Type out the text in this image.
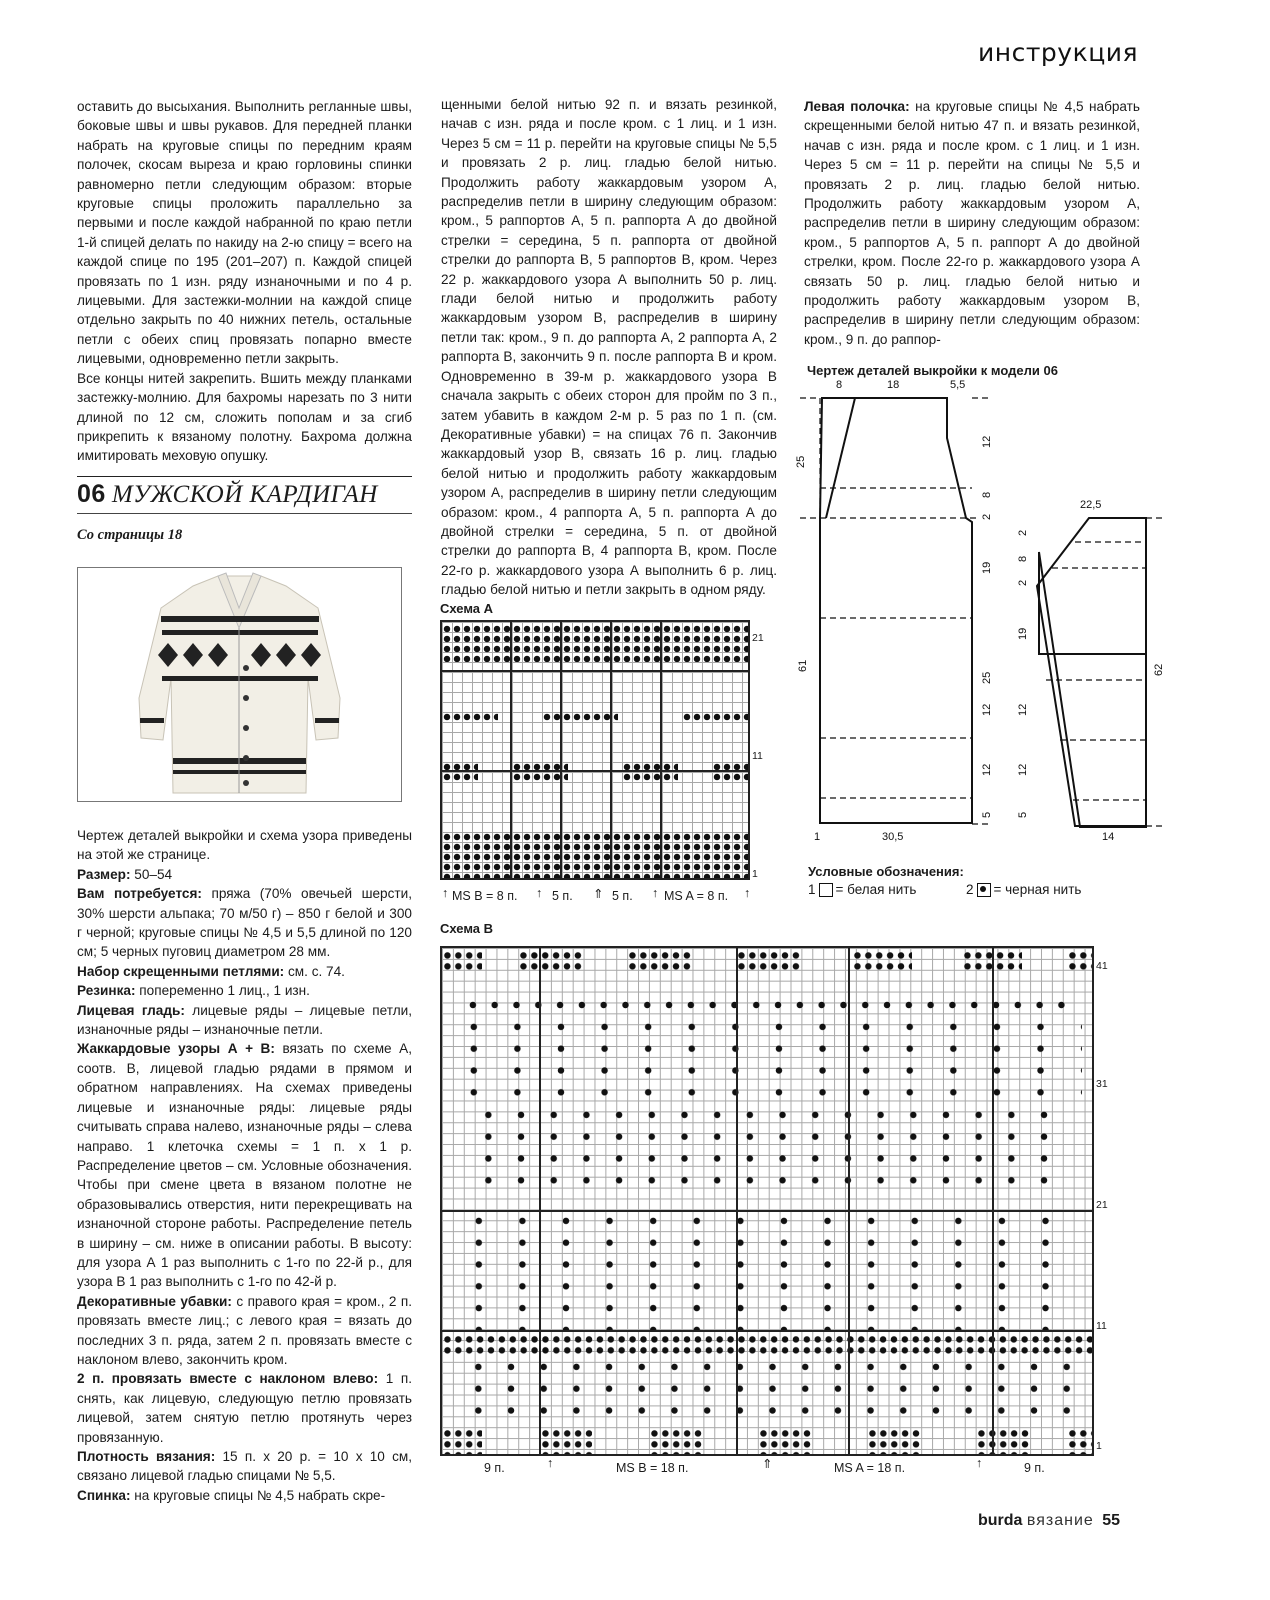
инструкция

оставить до высыхания. Выполнить регланные швы, боковые швы и швы рукавов. Для передней планки набрать на круговые спицы по передним краям полочек, скосам выреза и краю горловины спинки равномерно петли следующим образом: вторые круговые спицы проложить параллельно за первыми и после каждой набранной по краю петли 1-й спицей делать по накиду на 2-ю спицу = всего на каждой спице по 195 (201–207) п. Каждой спицей провязать по 1 изн. ряду изнаночными и по 4 р. лицевыми. Для застежки-молнии на каждой спице отдельно закрыть по 40 нижних петель, остальные петли с обеих спиц провязать попарно вместе лицевыми, одновременно петли закрыть.

Все концы нитей закрепить. Вшить между планками застежку-молнию. Для бахромы нарезать по 3 нити длиной по 12 см, сложить пополам и за сгиб прикрепить к вязаному полотну. Бахрома должна имитировать меховую опушку.

06 МУЖСКОЙ КАРДИГАН
Со страницы 18

Чертеж деталей выкройки и схема узора приведены на этой же странице.

Размер: 50–54

Вам потребуется: пряжа (70% овечьей шерсти, 30% шерсти альпака; 70 м/50 г) – 850 г белой и 300 г черной; круговые спицы № 4,5 и 5,5 длиной по 120 см; 5 черных пуговиц диаметром 28 мм.

Набор скрещенными петлями: см. с. 74.

Резинка: попеременно 1 лиц., 1 изн.

Лицевая гладь: лицевые ряды – лицевые петли, изнаночные ряды – изнаночные петли.

Жаккардовые узоры А + В: вязать по схеме А, соотв. В, лицевой гладью рядами в прямом и обратном направлениях. На схемах приведены лицевые и изнаночные ряды: лицевые ряды считывать справа налево, изнаночные ряды – слева направо. 1 клеточка схемы = 1 п. х 1 р. Распределение цветов – см. Условные обозначения. Чтобы при смене цвета в вязаном полотне не образовывались отверстия, нити перекрещивать на изнаночной стороне работы. Распределение петель в ширину – см. ниже в описании работы. В высоту: для узора А 1 раз выполнить с 1-го по 22-й р., для узора В 1 раз выполнить с 1-го по 42-й р.

Декоративные убавки: с правого края = кром., 2 п. провязать вместе лиц.; с левого края = вязать до последних 3 п. ряда, затем 2 п. провязать вместе с наклоном влево, закончить кром.

2 п. провязать вместе с наклоном влево: 1 п. снять, как лицевую, следующую петлю провязать лицевой, затем снятую петлю протянуть через провязанную.

Плотность вязания: 15 п. х 20 р. = 10 х 10 см, связано лицевой гладью спицами № 5,5.

Спинка: на круговые спицы № 4,5 набрать скре-

щенными белой нитью 92 п. и вязать резинкой, начав с изн. ряда и после кром. с 1 лиц. и 1 изн. Через 5 см = 11 р. перейти на круговые спицы № 5,5 и провязать 2 р. лиц. гладью белой нитью. Продолжить работу жаккардовым узором А, распределив петли в ширину следующим образом: кром., 5 раппортов А, 5 п. раппорта А до двойной стрелки = середина, 5 п. раппорта от двойной стрелки до раппорта В, 5 раппортов В, кром. Через 22 р. жаккардового узора А выполнить 50 р. лиц. глади белой нитью и продолжить работу жаккардовым узором В, распределив в ширину петли так: кром., 9 п. до раппорта А, 2 раппорта А, 2 раппорта В, закончить 9 п. после раппорта В и кром. Одновременно в 39-м р. жаккардового узора В сначала закрыть с обеих сторон для пройм по 3 п., затем убавить в каждом 2-м р. 5 раз по 1 п. (см. Декоративные убавки) = на спицах 76 п. Закончив жаккардовый узор В, связать 16 р. лиц. гладью белой нитью и продолжить работу жаккардовым узором А, распределив в ширину петли следующим образом: кром., 4 раппорта А, 5 п. раппорта А до двойной стрелки = середина, 5 п. от двойной стрелки до раппорта В, 4 раппорта В, кром. После 22-го р. жаккардового узора А выполнить 6 р. лиц. гладью белой нитью и петли закрыть в одном ряду.

Схема А
21
11
1
↑ MS B = 8 п. ↑ 5 п. ⇑ 5 п. ↑ MS A = 8 п. ↑
Схема В
41
31
21
11
1
9 п.	↑	MS B = 18 п.	⇑	MS A = 18 п.	↑	9 п.

Левая полочка: на круговые спицы № 4,5 набрать скрещенными белой нитью 47 п. и вязать резинкой, начав с изн. ряда и после кром. с 1 лиц. и 1 изн. Через 5 см = 11 р. перейти на спицы № 5,5 и провязать 2 р. лиц. гладью белой нитью. Продолжить работу жаккардовым узором А, распределив петли в ширину следующим образом: кром., 5 раппортов А, 5 п. раппорт А до двойной стрелки, кром. После 22-го р. жаккардового узора А связать 50 р. лиц. гладью белой нитью и продолжить работу жаккардовым узором В, распределив в ширину петли следующим образом: кром., 9 п. до раппор-

Чертеж деталей выкройки к модели 06
8	18	5,5
25
61
12
8
2
19
25
12
12
5
1	30,5
22,5
2
8
2
19
12
12
5
62
14
Условные обозначения:
1 = белая нить	2 = черная нить
burda вязание 55
